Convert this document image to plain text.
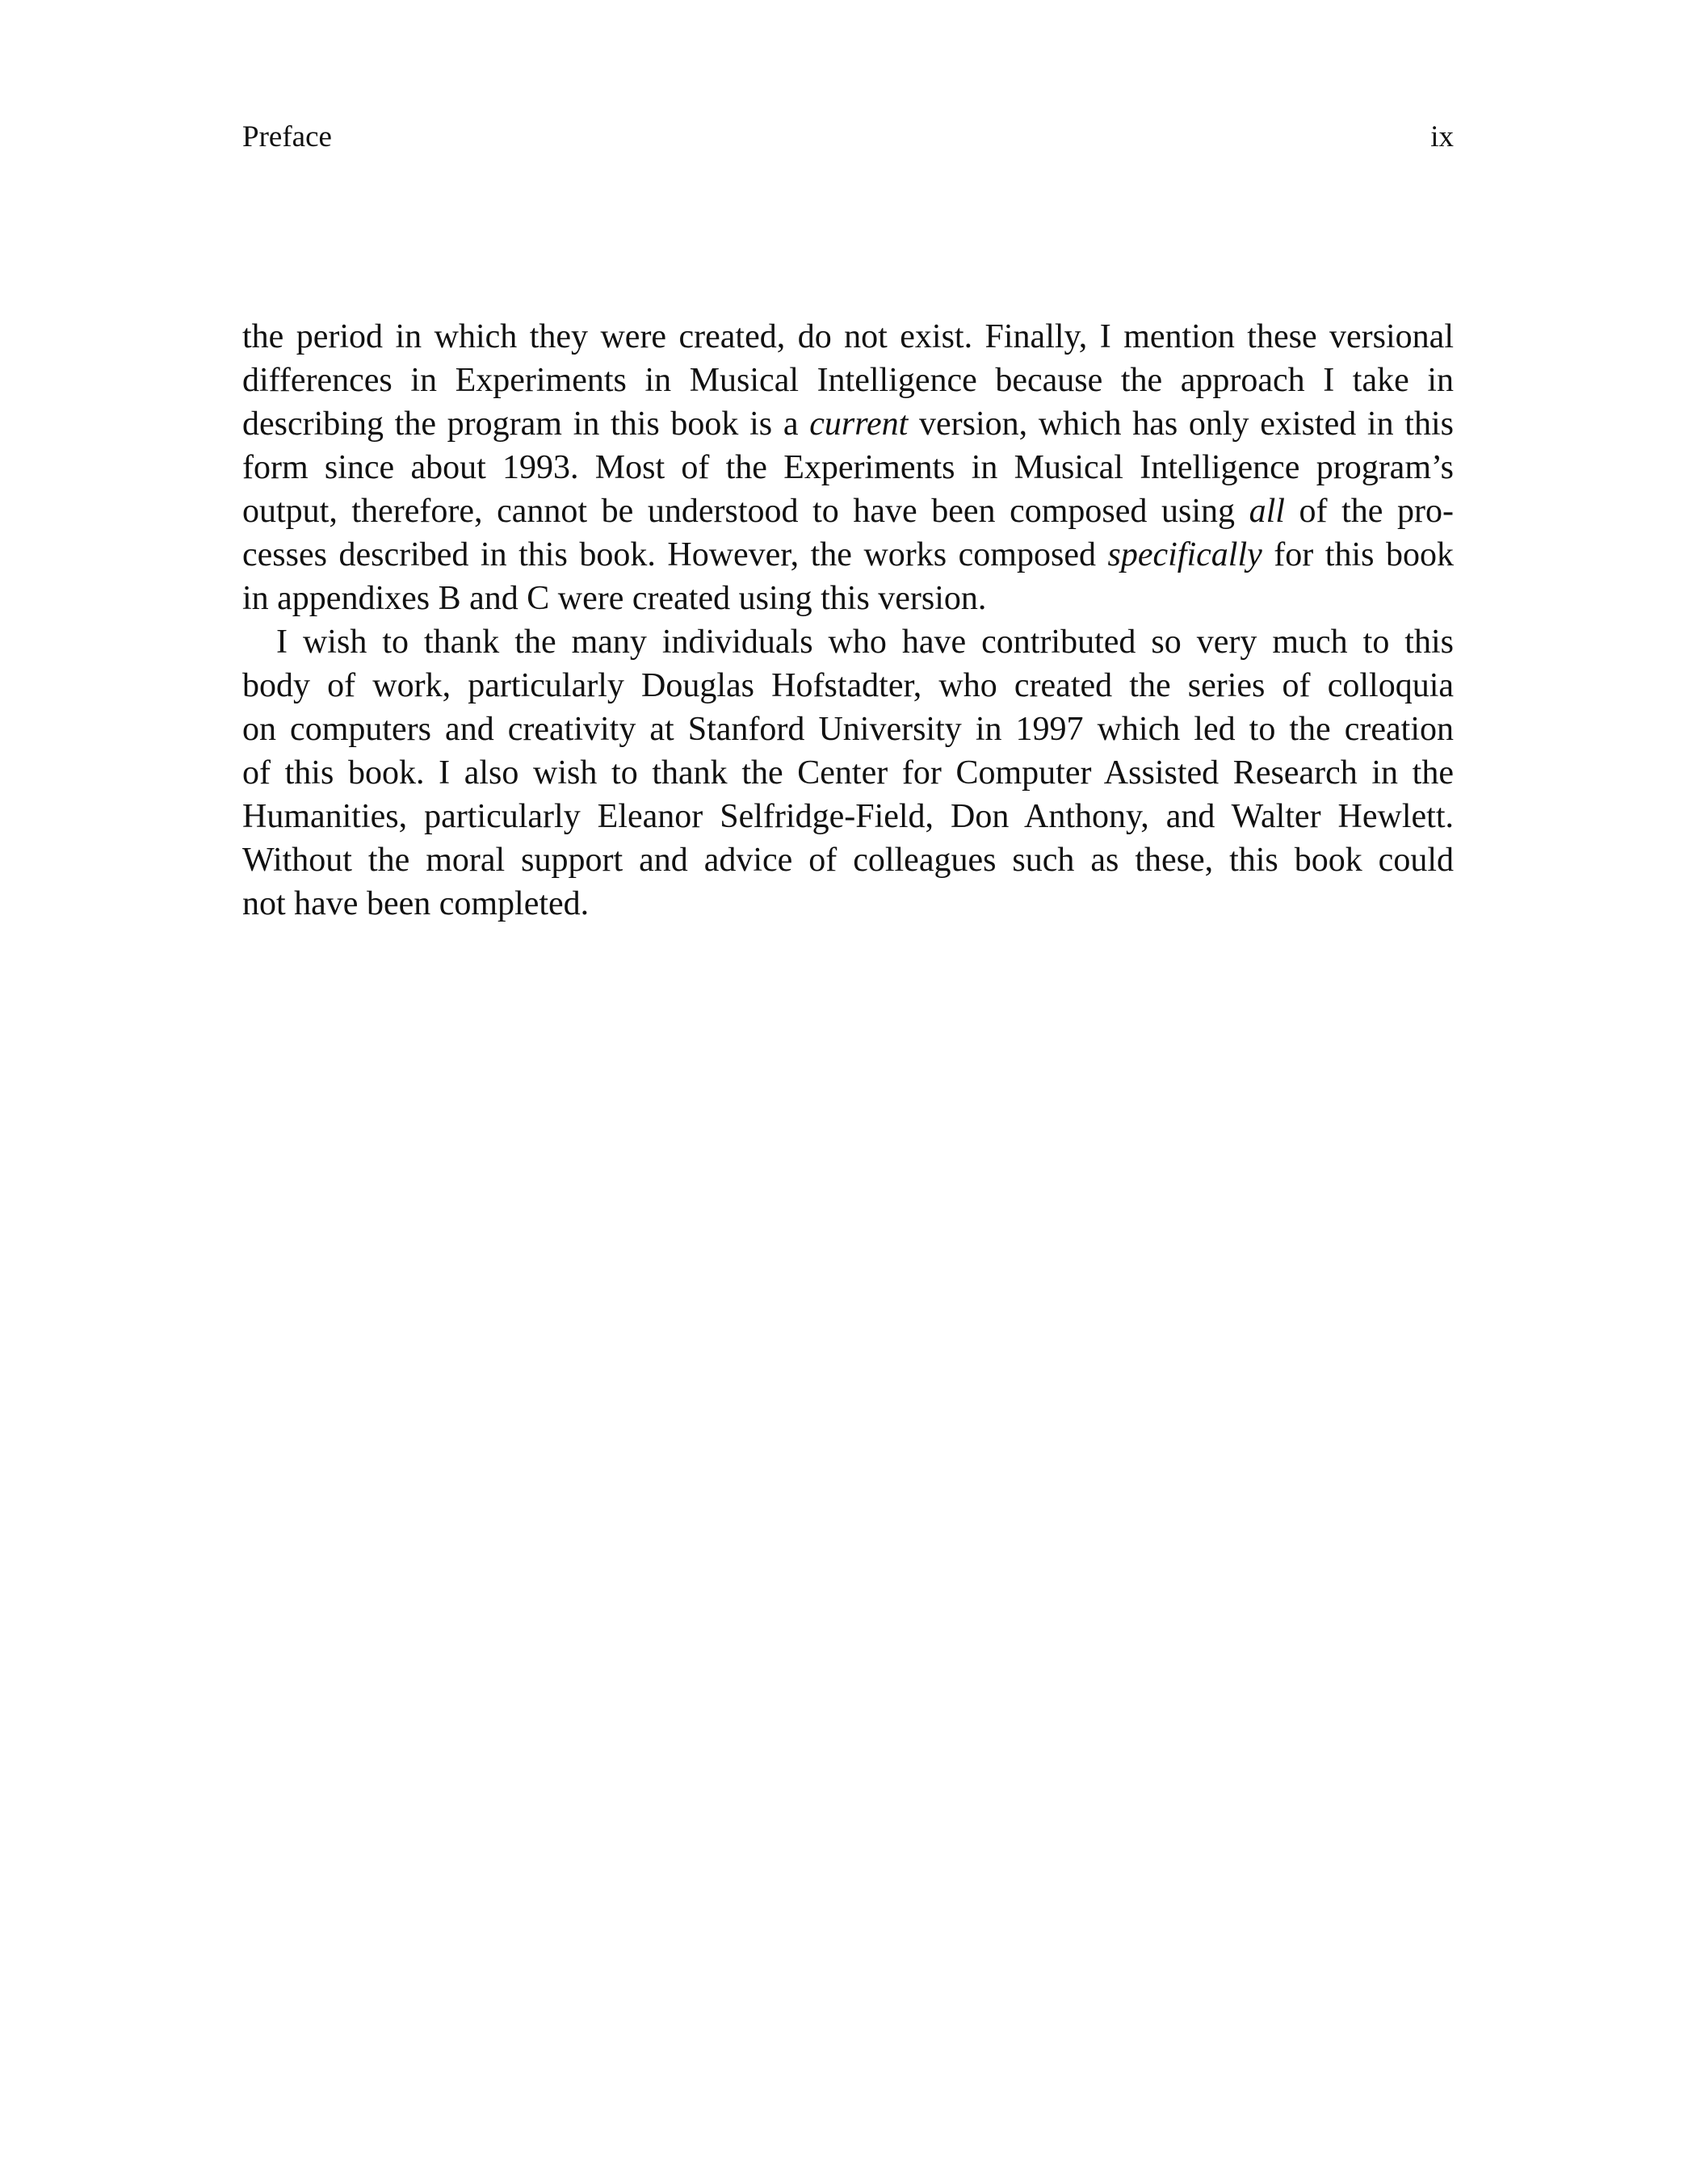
Preface	ix
the period in which they were created, do not exist. Finally, I mention these versional
differences in Experiments in Musical Intelligence because the approach I take in
describing the program in this book is a current version, which has only existed in this
form since about 1993. Most of the Experiments in Musical Intelligence program’s
output, therefore, cannot be understood to have been composed using all of the pro-
cesses described in this book. However, the works composed specifically for this book
in appendixes B and C were created using this version.
I wish to thank the many individuals who have contributed so very much to this
body of work, particularly Douglas Hofstadter, who created the series of colloquia
on computers and creativity at Stanford University in 1997 which led to the creation
of this book. I also wish to thank the Center for Computer Assisted Research in the
Humanities, particularly Eleanor Selfridge-Field, Don Anthony, and Walter Hewlett.
Without the moral support and advice of colleagues such as these, this book could
not have been completed.
